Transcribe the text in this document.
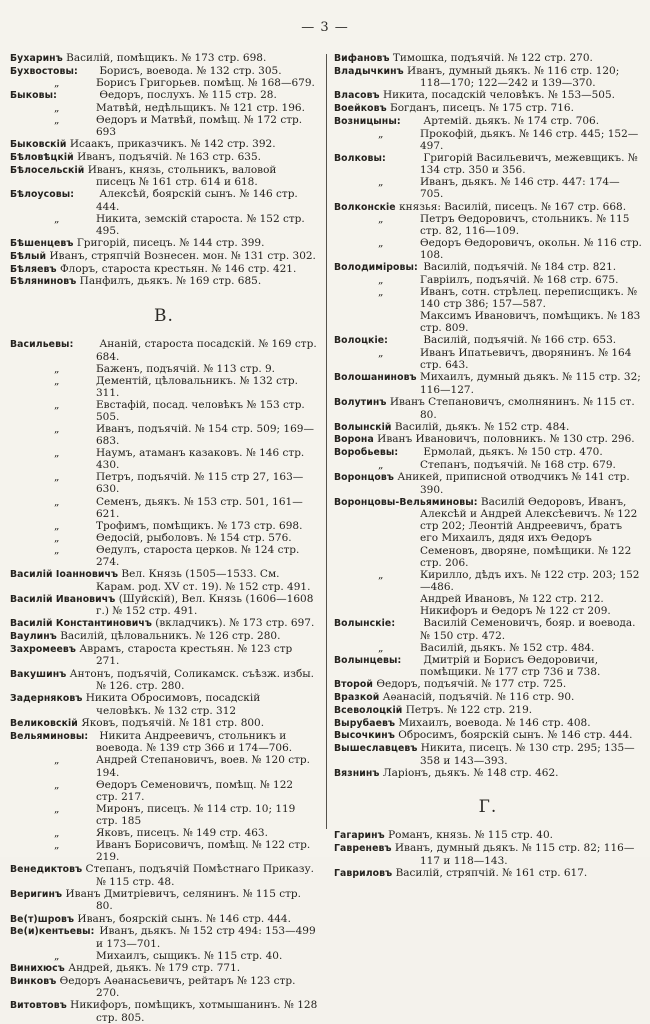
— 3 —
Бухаринъ Василій, помѣщикъ. № 173 стр. 698.
Бухвостовы: Борисъ, воевода. № 132 стр. 305.
„	Борисъ Григорьев. помѣщ. № 168—679.
Быковы:	Ѳедоръ, послухъ. № 115 стр. 28.
„	Матвѣй, недѣльщикъ. № 121 стр. 196.
„	Ѳедоръ и Матвѣй, помѣщ. № 172 стр. 693
Быковскій Исаакъ, приказчикъ. № 142 стр. 392.
Бѣловѣцкій Иванъ, подъячій. № 163 стр. 635.
Бѣлосельскій Иванъ, князь, стольникъ, валовой писецъ № 161 стр. 614 и 618.
Бѣлоусовы: Алексѣй, боярскій сынъ. № 146 стр. 444.
„	Никита, земскій староста. № 152 стр. 495.
Бѣшенцевъ Григорій, писецъ. № 144 стр. 399.
Бѣлый Иванъ, стряпчій Вознесен. мон. № 131 стр. 302.
Бѣляевъ Флоръ, староста крестьян. № 146 стр. 421.
Бѣляниновъ Панфилъ, дьякъ. № 169 стр. 685.
В.
Васильевы: Ананій, староста посадскій. № 169 стр. 684.
„	Баженъ, подъячій. № 113 стр. 9.
„	Дементій, цѣловальникъ. № 132 стр. 311.
„	Евстафій, посад. человѣкъ № 153 стр. 505.
„	Иванъ, подъячій. № 154 стр. 509; 169—683.
„	Наумъ, атаманъ казаковъ. № 146 стр. 430.
„	Петръ, подъячій. № 115 стр 27, 163—630.
„	Семенъ, дьякъ. № 153 стр. 501, 161—621.
„	Трофимъ, помѣщикъ. № 173 стр. 698.
„	Ѳедосій, рыболовъ. № 154 стр. 576.
„	Ѳедулъ, староста церков. № 124 стр. 274.
Василій Іоанновичъ Вел. Князь (1505—1533. См. Карам. род. XV ст. 19). № 152 стр. 491.
Василій Ивановичъ (Шуйскій), Вел. Князь (1606—1608 г.) № 152 стр. 491.
Василій Константиновичъ (вкладчикъ). № 173 стр. 697.
Ваулинъ Василій, цѣловальникъ. № 126 стр. 280.
Захромеевъ Аврамъ, староста крестьян. № 123 стр 271.
Вакушинъ Антонъ, подъячій, Соликамск. съѣзж. избы. № 126. стр. 280.
Задерняковъ Никита Обросимовъ, посадскій человѣкъ. № 132 стр. 312
Великовскій Яковъ, подъячій. № 181 стр. 800.
Вельяминовы: Никита Андреевичъ, стольникъ и воевода. № 139 стр 366 и 174—706.
„	Андрей Степановичъ, воев. № 120 стр. 194.
„	Ѳедоръ Семеновичъ, помѣщ. № 122 стр. 217.
„	Миронъ, писецъ. № 114 стр. 10; 119 стр. 185
„	Яковъ, писецъ. № 149 стр. 463.
„	Иванъ Борисовичъ, помѣщ. № 122 стр. 219.
Венедиктовъ Степанъ, подъячій Помѣстнаго Приказу. № 115 стр. 48.
Веригинъ Иванъ Дмитріевичъ, селянинъ. № 115 стр. 80.
Ве(т)шровъ Иванъ, боярскій сынъ. № 146 стр. 444.
Ве(и)кентьевы: Иванъ, дьякъ. № 152 стр 494: 153—499 и 173—701.
„	Михаилъ, сыщикъ. № 115 стр. 40.
Винихюсъ Андрей, дьякъ. № 179 стр. 771.
Винковъ Ѳедоръ Аѳанасьевичъ, рейтаръ № 123 стр. 270.
Витовтовъ Никифоръ, помѣщикъ, хотмышанинъ. № 128 стр. 805.
Вифановъ Тимошка, подъячій. № 122 стр. 270.
Владычкинъ Иванъ, думный дьякъ. № 116 стр. 120; 118—170; 122—242 и 139—370.
Власовъ Никита, посадскій человѣкъ. № 153—505.
Воейковъ Богданъ, писецъ. № 175 стр. 716.
Возницыны: Артемій. дьякъ. № 174 стр. 706.
„	Прокофій, дьякъ. № 146 стр. 445; 152—497.
Волковы:	Григорій Васильевичъ, межевщикъ. № 134 стр. 350 и 356.
„	Иванъ, дьякъ. № 146 стр. 447: 174—705.
Волконскіе князья: Василій, писецъ. № 167 стр. 668.
„	Петръ Ѳедоровичъ, стольникъ. № 115 стр. 82, 116—109.
„	Ѳедоръ Ѳедоровичъ, окольн. № 116 стр. 108.
Володиміровы: Василій, подъячій. № 184 стр. 821.
„	Гавріилъ, подъячій. № 168 стр. 675.
„	Иванъ, сотн. стрѣлец. переписщикъ. № 140 стр 386; 157—587.
Максимъ Ивановичъ, помѣщикъ. № 183 стр. 809.
Волоцкіе:	Василій, подъячій. № 166 стр. 653.
„	Иванъ Ипатьевичъ, дворянинъ. № 164 стр. 643.
Волошаниновъ Михаилъ, думный дьякъ. № 115 стр. 32; 116—127.
Волутинъ Иванъ Степановичъ, смолнянинъ. № 115 ст. 80.
Волынскій Василій, дьякъ. № 152 стр. 484.
Ворона Иванъ Ивановичъ, половникъ. № 130 стр. 296.
Воробьевы: Ермолай, дьякъ. № 150 стр. 470.
„	Степанъ, подъячій. № 168 стр. 679.
Воронцовъ Аникей, приписной отводчикъ № 141 стр. 390.
Воронцовы-Вельяминовы: Василій Ѳедоровъ, Иванъ, Алексѣй и Андрей Алексѣевичъ. № 122 стр 202; Леонтій Андреевичъ, братъ его Михаилъ, дядя ихъ Ѳедоръ Семеновъ, дворяне, помѣщики. № 122 стр. 206.
„	Кирилло, дѣдъ ихъ. № 122 стр. 203; 152—486.
Андрей Ивановъ, № 122 стр. 212.
Никифоръ и Ѳедоръ № 122 ст 209.
Волынскіе:	Василій Семеновичъ, бояр. и воевода. № 150 стр. 472.
„	Василій, дьякъ. № 152 стр. 484.
Волынцевы: Дмитрій и Борисъ Ѳедоровичи, помѣщики. № 177 стр 736 и 738.
Второй Ѳедоръ, подъячій. № 177 стр. 725.
Вразкой Аѳанасій, подъячій. № 116 стр. 90.
Всеволоцкій Петръ. № 122 стр. 219.
Вырубаевъ Михаилъ, воевода. № 146 стр. 408.
Высочкинъ Обросимъ, боярскій сынъ. № 146 стр. 444.
Вышеславцевъ Никита, писецъ. № 130 стр. 295; 135—358 и 143—393.
Вязнинъ Ларіонъ, дьякъ. № 148 стр. 462.
Г.
Гагаринъ Романъ, князь. № 115 стр. 40.
Гавреневъ Иванъ, думный дьякъ. № 115 стр. 82; 116—117 и 118—143.
Гавриловъ Василій, стряпчій. № 161 стр. 617.
